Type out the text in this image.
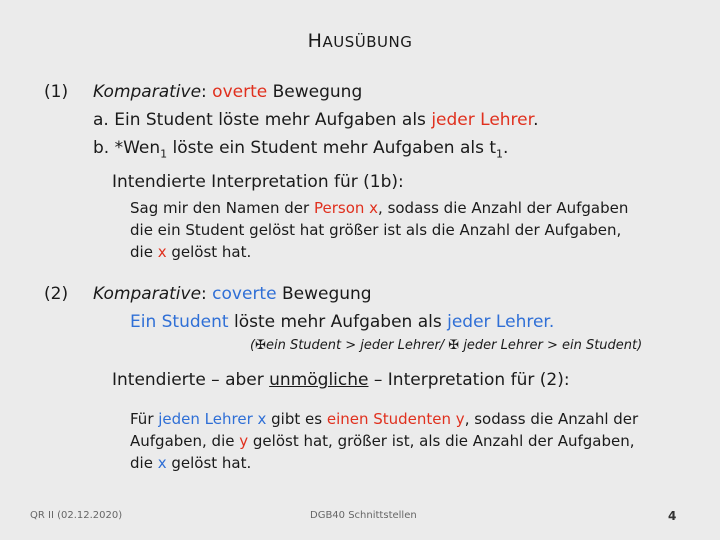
HAUSÜBUNG
(1) Komparative: overte Bewegung
a. Ein Student löste mehr Aufgaben als jeder Lehrer.
b. *Wen$_1$ löste ein Student mehr Aufgaben als $t_1$.
Intendierte Interpretation für (1b):
Sag mir den Namen der Person x, sodass die Anzahl der Aufgaben
die ein Student gelöst hat größer ist als die Anzahl der Aufgaben,
die x gelöst hat.
(2) Komparative: coverte Bewegung
Ein Student löste mehr Aufgaben als jeder Lehrer.
(✠ein Student > jeder Lehrer/ ✠ jeder Lehrer > ein Student)
Intendierte – aber unmögliche – Interpretation für (2):
Für jeden Lehrer x gibt es einen Studenten y, sodass die Anzahl der
Aufgaben, die y gelöst hat, größer ist, als die Anzahl der Aufgaben,
die x gelöst hat.
QR II (02.12.2020)	DGB40 Schnittstellen	4
